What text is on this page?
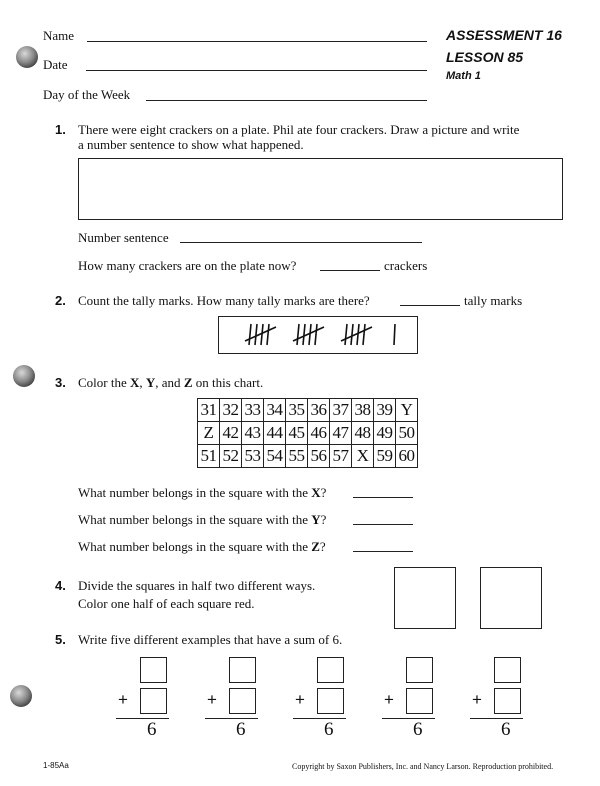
Name
Date
Day of the Week
ASSESSMENT 16
LESSON 85
Math 1
1. There were eight crackers on a plate. Phil ate four crackers. Draw a picture and write
a number sentence to show what happened.
Number sentence
How many crackers are on the plate now?	crackers
2. Count the tally marks. How many tally marks are there?	tally marks
3. Color the X, Y, and Z on this chart.
31	32	33	34	35	36	37	38	39	Y
Z	42	43	44	45	46	47	48	49	50
51	52	53	54	55	56	57	X	59	60
What number belongs in the square with the X?
What number belongs in the square with the Y?
What number belongs in the square with the Z?
4. Divide the squares in half two different ways.
Color one half of each square red.
5. Write five different examples that have a sum of 6.
+
6
+
6
+
6
+
6
+
6
1-85Aa	Copyright by Saxon Publishers, Inc. and Nancy Larson. Reproduction prohibited.
